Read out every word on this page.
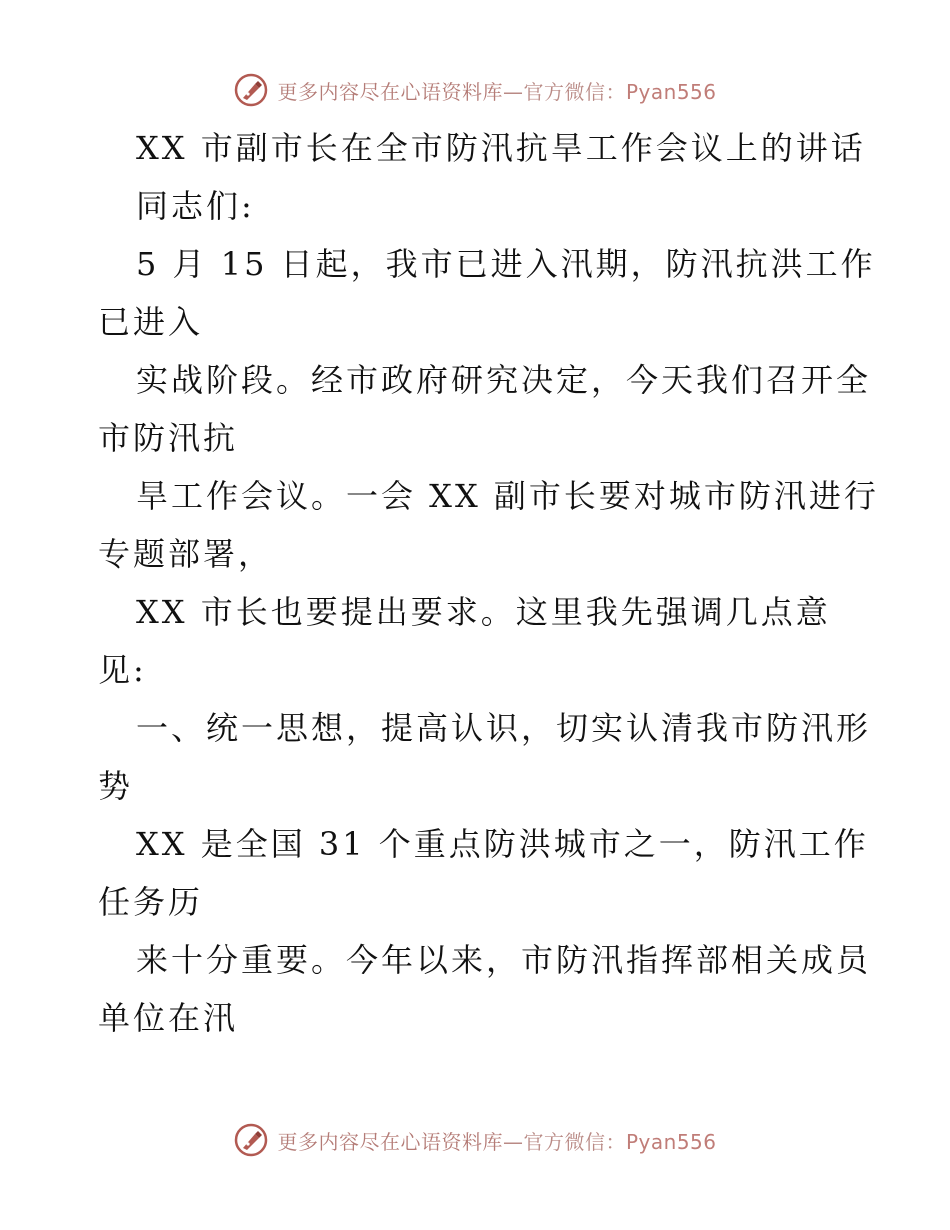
更多内容尽在心语资料库—官方微信：Pyan556
XX 市副市长在全市防汛抗旱工作会议上的讲话
同志们:
5 月 15 日起，我市已进入汛期，防汛抗洪工作
已进入
实战阶段。经市政府研究决定，今天我们召开全
市防汛抗
旱工作会议。一会 XX 副市长要对城市防汛进行
专题部署，
XX 市长也要提出要求。这里我先强调几点意
见:
一、统一思想，提高认识，切实认清我市防汛形
势
XX 是全国 31 个重点防洪城市之一，防汛工作
任务历
来十分重要。今年以来，市防汛指挥部相关成员
单位在汛
更多内容尽在心语资料库—官方微信：Pyan556
